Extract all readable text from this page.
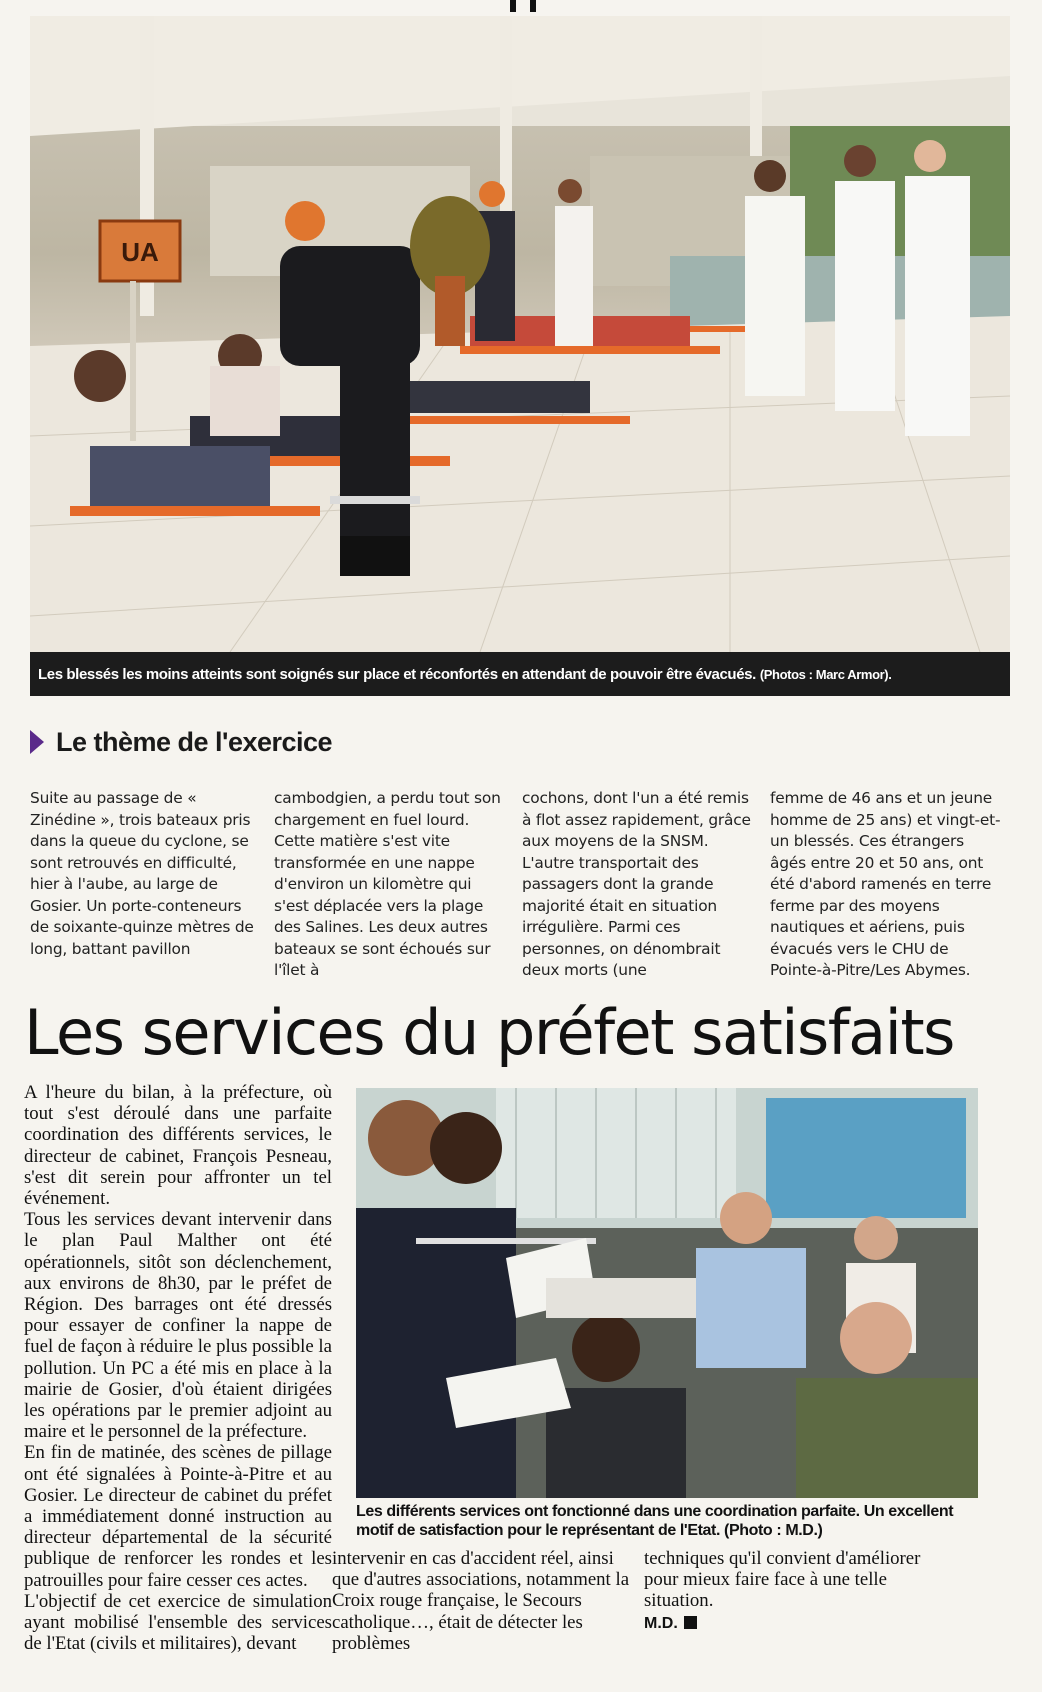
UA
Les blessés les moins atteints sont soignés sur place et réconfortés en attendant de pouvoir être évacués. (Photos : Marc Armor).
Le thème de l'exercice

Suite au passage de « Zinédine », trois bateaux pris dans la queue du cyclone, se sont retrouvés en difficulté, hier à l'aube, au large de Gosier. Un porte-conteneurs de soixante-quinze mètres de long, battant pavillon

cambodgien, a perdu tout son chargement en fuel lourd. Cette matière s'est vite transformée en une nappe d'environ un kilomètre qui s'est déplacée vers la plage des Salines. Les deux autres bateaux se sont échoués sur l'îlet à

cochons, dont l'un a été remis à flot assez rapidement, grâce aux moyens de la SNSM. L'autre transportait des passagers dont la grande majorité était en situation irrégulière. Parmi ces personnes, on dénombrait deux morts (une

femme de 46 ans et un jeune homme de 25 ans) et vingt-et-un blessés. Ces étrangers âgés entre 20 et 50 ans, ont été d'abord ramenés en terre ferme par des moyens nautiques et aériens, puis évacués vers le CHU de Pointe-à-Pitre/Les Abymes.

Les services du préfet satisfaits

A l'heure du bilan, à la préfecture, où tout s'est déroulé dans une parfaite coordination des différents services, le directeur de cabinet, François Pesneau, s'est dit serein pour affronter un tel événement.

Tous les services devant intervenir dans le plan Paul Malther ont été opérationnels, sitôt son déclenchement, aux environs de 8h30, par le préfet de Région. Des barrages ont été dressés pour essayer de confiner la nappe de fuel de façon à réduire le plus possible la pollution. Un PC a été mis en place à la mairie de Gosier, d'où étaient dirigées les opérations par le premier adjoint au maire et le personnel de la préfecture.

En fin de matinée, des scènes de pillage ont été signalées à Pointe-à-Pitre et au Gosier. Le directeur de cabinet du préfet a immédiatement donné instruction au directeur départemental de la sécurité publique de renforcer les rondes et les patrouilles pour faire cesser ces actes.

L'objectif de cet exercice de simulation ayant mobilisé l'ensemble des services de l'Etat (civils et militaires), devant

Les différents services ont fonctionné dans une coordination parfaite. Un excellent motif de satisfaction pour le représentant de l'Etat. (Photo : M.D.)

intervenir en cas d'accident réel, ainsi que d'autres associations, notamment la Croix rouge française, le Secours catholique…, était de détecter les problèmes

techniques qu'il convient d'améliorer pour mieux faire face à une telle situation.

M.D.
